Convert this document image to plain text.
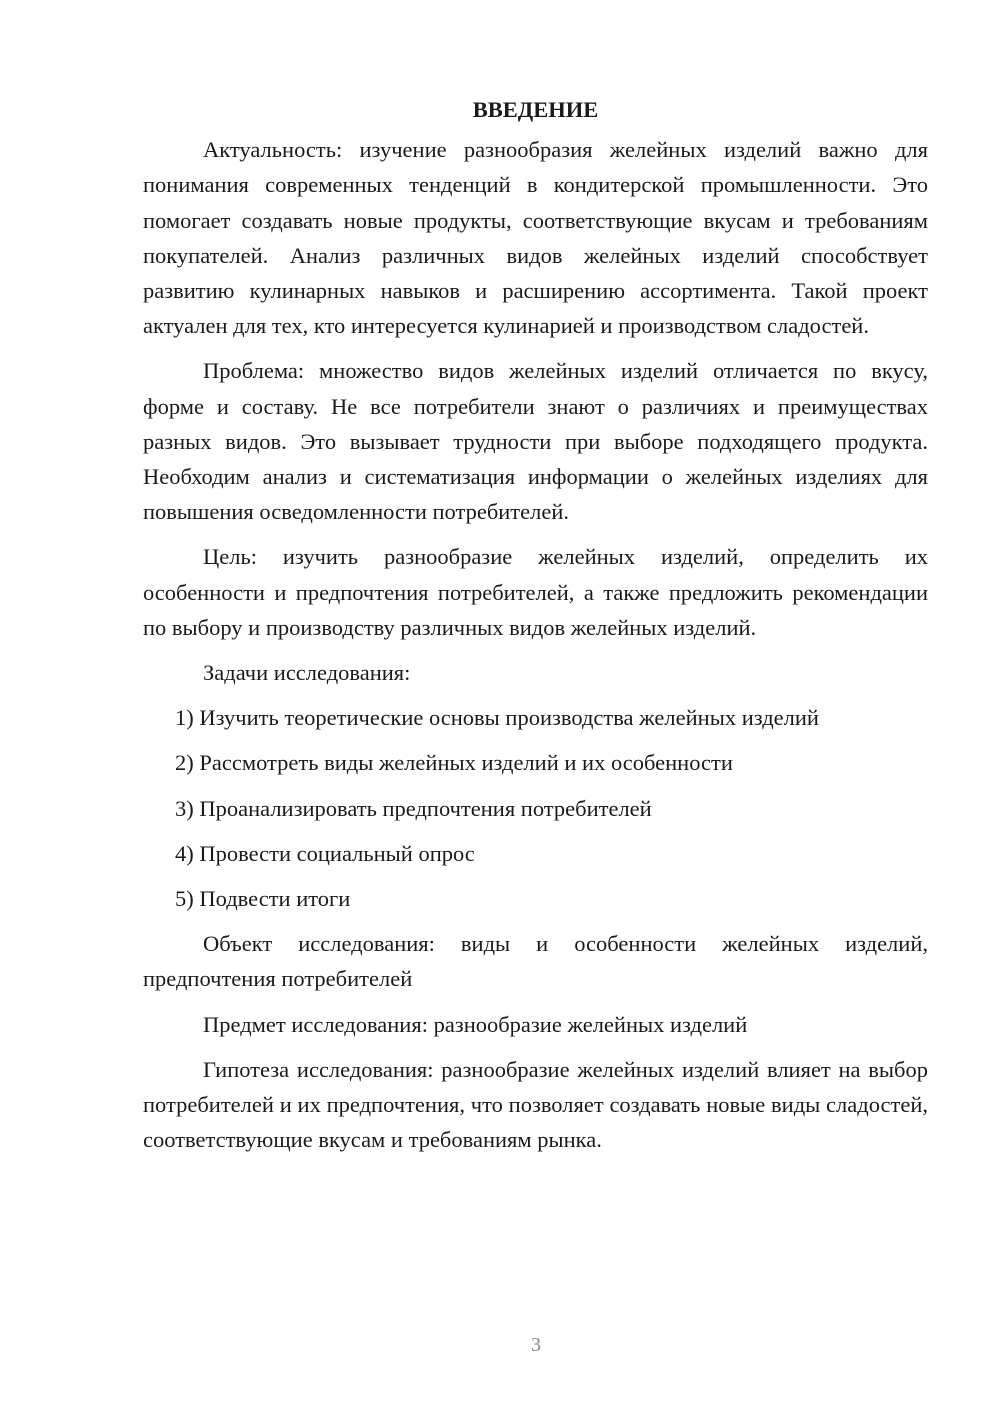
ВВЕДЕНИЕ

Актуальность: изучение разнообразия желейных изделий важно для понимания современных тенденций в кондитерской промышленности. Это помогает создавать новые продукты, соответствующие вкусам и требованиям покупателей. Анализ различных видов желейных изделий способствует развитию кулинарных навыков и расширению ассортимента. Такой проект актуален для тех, кто интересуется кулинарией и производством сладостей.

Проблема: множество видов желейных изделий отличается по вкусу, форме и составу. Не все потребители знают о различиях и преимуществах разных видов. Это вызывает трудности при выборе подходящего продукта. Необходим анализ и систематизация информации о желейных изделиях для повышения осведомленности потребителей.

Цель: изучить разнообразие желейных изделий, определить их особенности и предпочтения потребителей, а также предложить рекомендации по выбору и производству различных видов желейных изделий.

Задачи исследования:
1) Изучить теоретические основы производства желейных изделий
2) Рассмотреть виды желейных изделий и их особенности
3) Проанализировать предпочтения потребителей
4) Провести социальный опрос
5) Подвести итоги

Объект исследования: виды и особенности желейных изделий, предпочтения потребителей

Предмет исследования: разнообразие желейных изделий

Гипотеза исследования: разнообразие желейных изделий влияет на выбор потребителей и их предпочтения, что позволяет создавать новые виды сладостей, соответствующие вкусам и требованиям рынка.

3
